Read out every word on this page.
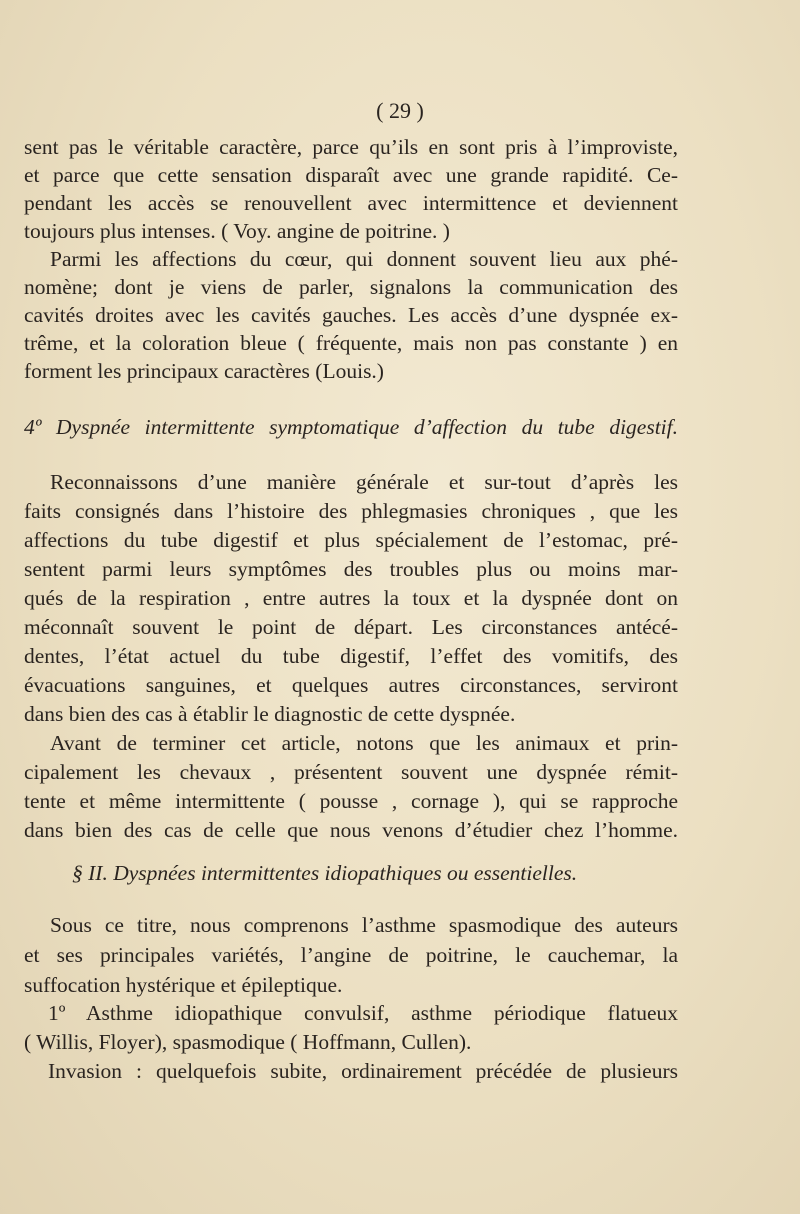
( 29 )
sent pas le véritable caractère, parce qu’ils en sont pris à l’improviste,
et parce que cette sensation disparaît avec une grande rapidité. Ce-
pendant les accès se renouvellent avec intermittence et deviennent
toujours plus intenses. ( Voy. angine de poitrine. )
Parmi les affections du cœur, qui donnent souvent lieu aux phé-
nomène; dont je viens de parler, signalons la communication des
cavités droites avec les cavités gauches. Les accès d’une dyspnée ex-
trême, et la coloration bleue ( fréquente, mais non pas constante ) en
forment les principaux caractères (Louis.)
4º Dyspnée intermittente symptomatique d’affection du tube digestif.
Reconnaissons d’une manière générale et sur-tout d’après les
faits consignés dans l’histoire des phlegmasies chroniques , que les
affections du tube digestif et plus spécialement de l’estomac, pré-
sentent parmi leurs symptômes des troubles plus ou moins mar-
qués de la respiration , entre autres la toux et la dyspnée dont on
méconnaît souvent le point de départ. Les circonstances antécé-
dentes, l’état actuel du tube digestif, l’effet des vomitifs, des
évacuations sanguines, et quelques autres circonstances, serviront
dans bien des cas à établir le diagnostic de cette dyspnée.
Avant de terminer cet article, notons que les animaux et prin-
cipalement les chevaux , présentent souvent une dyspnée rémit-
tente et même intermittente ( pousse , cornage ), qui se rapproche
dans bien des cas de celle que nous venons d’étudier chez l’homme.
§ II. Dyspnées intermittentes idiopathiques ou essentielles.
Sous ce titre, nous comprenons l’asthme spasmodique des auteurs
et ses principales variétés, l’angine de poitrine, le cauchemar, la
suffocation hystérique et épileptique.
1º Asthme idiopathique convulsif, asthme périodique flatueux
( Willis, Floyer), spasmodique ( Hoffmann, Cullen).
Invasion : quelquefois subite, ordinairement précédée de plusieurs
